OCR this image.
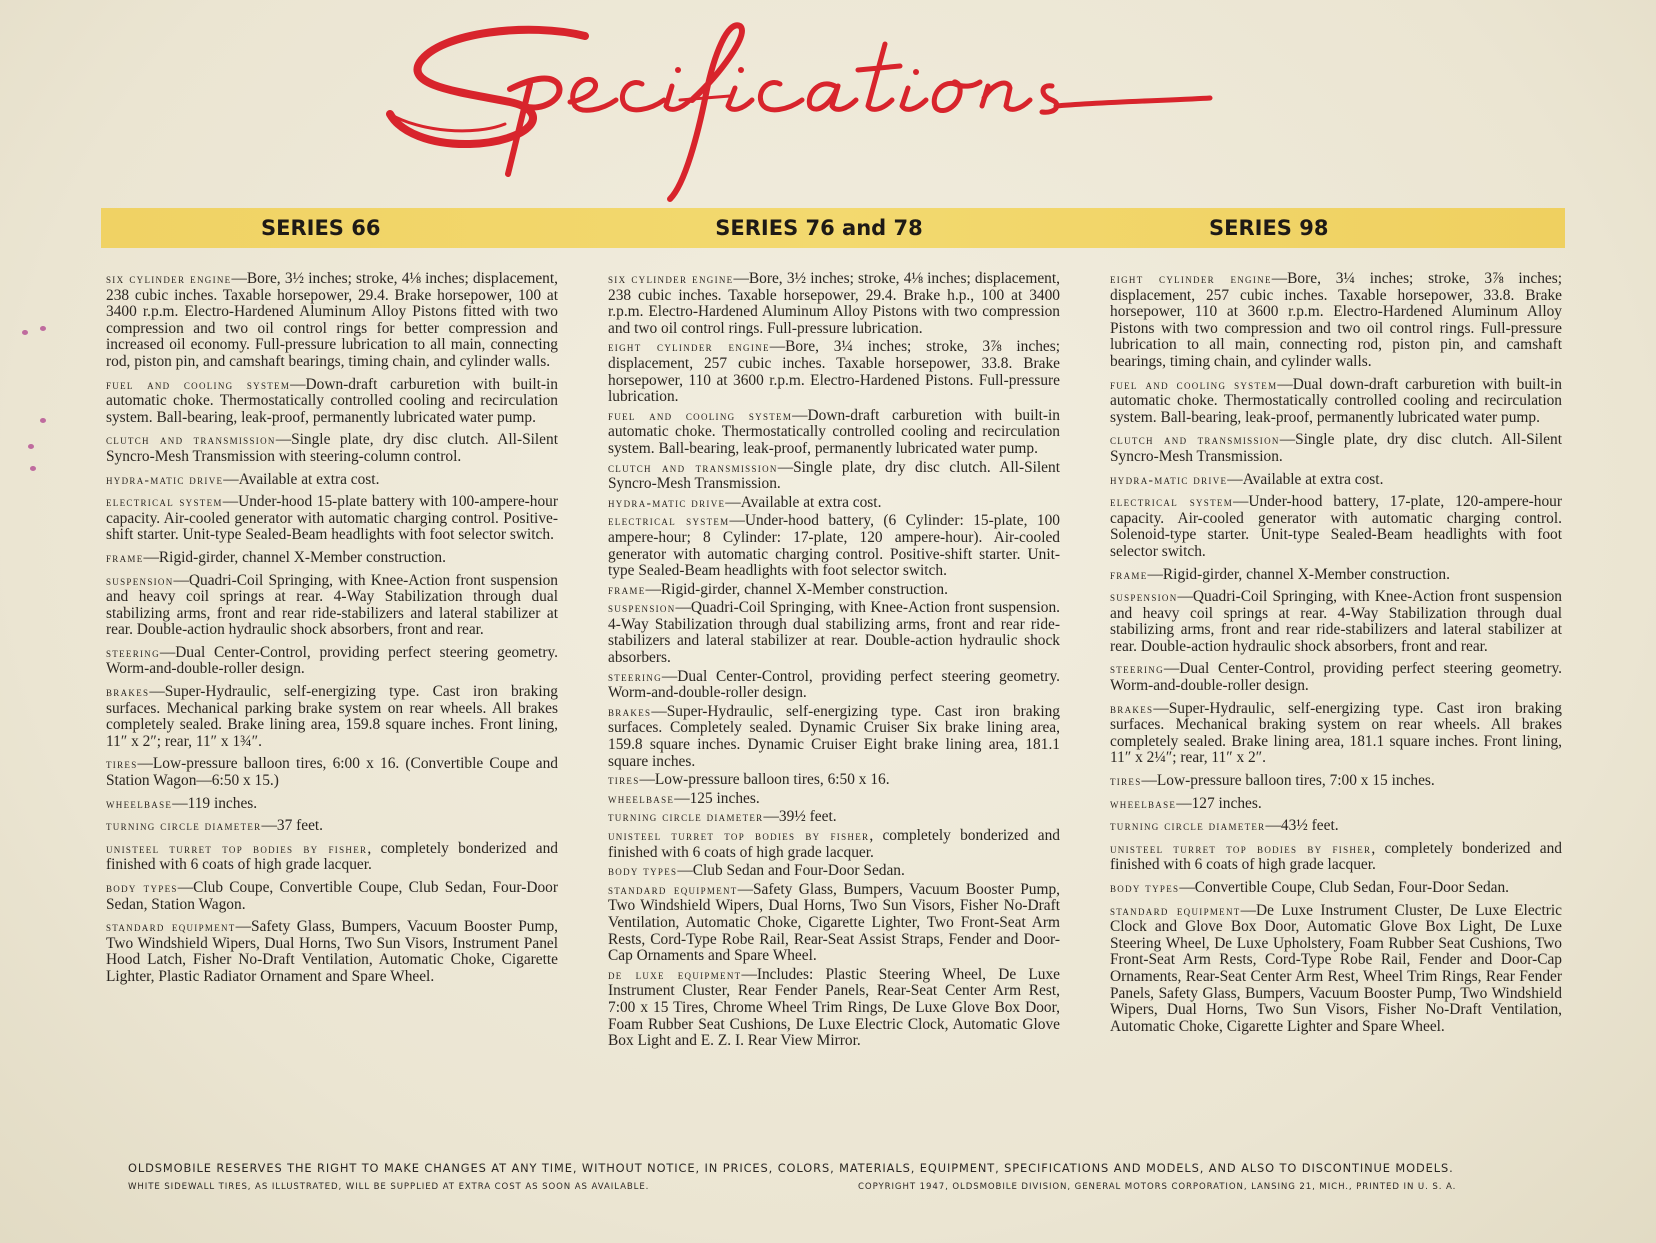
SERIES 66	SERIES 76 and 78	SERIES 98

six cylinder engine—Bore, 3½ inches; stroke, 4⅛ inches; displacement, 238 cubic inches. Taxable horsepower, 29.4. Brake horsepower, 100 at 3400 r.p.m. Electro-Hardened Aluminum Alloy Pistons fitted with two compression and two oil control rings for better compression and increased oil economy. Full-pressure lubrication to all main, connecting rod, piston pin, and camshaft bearings, timing chain, and cylinder walls.

fuel and cooling system—Down-draft carburetion with built-in automatic choke. Thermostatically controlled cooling and recirculation system. Ball-bearing, leak-proof, permanently lubricated water pump.

clutch and transmission—Single plate, dry disc clutch. All-Silent Syncro-Mesh Transmission with steering-column control.

hydra-matic drive—Available at extra cost.

electrical system—Under-hood 15-plate battery with 100-ampere-hour capacity. Air-cooled generator with automatic charging control. Positive-shift starter. Unit-type Sealed-Beam headlights with foot selector switch.

frame—Rigid-girder, channel X-Member construction.

suspension—Quadri-Coil Springing, with Knee-Action front suspension and heavy coil springs at rear. 4-Way Stabilization through dual stabilizing arms, front and rear ride-stabilizers and lateral stabilizer at rear. Double-action hydraulic shock absorbers, front and rear.

steering—Dual Center-Control, providing perfect steering geometry. Worm-and-double-roller design.

brakes—Super-Hydraulic, self-energizing type. Cast iron braking surfaces. Mechanical parking brake system on rear wheels. All brakes completely sealed. Brake lining area, 159.8 square inches. Front lining, 11″ x 2″; rear, 11″ x 1¾″.

tires—Low-pressure balloon tires, 6:00 x 16. (Convertible Coupe and Station Wagon—6:50 x 15.)

wheelbase—119 inches.

turning circle diameter—37 feet.

unisteel turret top bodies by fisher, completely bonderized and finished with 6 coats of high grade lacquer.

body types—Club Coupe, Convertible Coupe, Club Sedan, Four-Door Sedan, Station Wagon.

standard equipment—Safety Glass, Bumpers, Vacuum Booster Pump, Two Windshield Wipers, Dual Horns, Two Sun Visors, Instrument Panel Hood Latch, Fisher No-Draft Ventilation, Automatic Choke, Cigarette Lighter, Plastic Radiator Ornament and Spare Wheel.

six cylinder engine—Bore, 3½ inches; stroke, 4⅛ inches; displacement, 238 cubic inches. Taxable horsepower, 29.4. Brake h.p., 100 at 3400 r.p.m. Electro-Hardened Aluminum Alloy Pistons with two compression and two oil control rings. Full-pressure lubrication.

eight cylinder engine—Bore, 3¼ inches; stroke, 3⅞ inches; displacement, 257 cubic inches. Taxable horsepower, 33.8. Brake horsepower, 110 at 3600 r.p.m. Electro-Hardened Pistons. Full-pressure lubrication.

fuel and cooling system—Down-draft carburetion with built-in automatic choke. Thermostatically controlled cooling and recirculation system. Ball-bearing, leak-proof, permanently lubricated water pump.

clutch and transmission—Single plate, dry disc clutch. All-Silent Syncro-Mesh Transmission.

hydra-matic drive—Available at extra cost.

electrical system—Under-hood battery, (6 Cylinder: 15-plate, 100 ampere-hour; 8 Cylinder: 17-plate, 120 ampere-hour). Air-cooled generator with automatic charging control. Positive-shift starter. Unit-type Sealed-Beam headlights with foot selector switch.

frame—Rigid-girder, channel X-Member construction.

suspension—Quadri-Coil Springing, with Knee-Action front suspension. 4-Way Stabilization through dual stabilizing arms, front and rear ride-stabilizers and lateral stabilizer at rear. Double-action hydraulic shock absorbers.

steering—Dual Center-Control, providing perfect steering geometry. Worm-and-double-roller design.

brakes—Super-Hydraulic, self-energizing type. Cast iron braking surfaces. Completely sealed. Dynamic Cruiser Six brake lining area, 159.8 square inches. Dynamic Cruiser Eight brake lining area, 181.1 square inches.

tires—Low-pressure balloon tires, 6:50 x 16.

wheelbase—125 inches.

turning circle diameter—39½ feet.

unisteel turret top bodies by fisher, completely bonderized and finished with 6 coats of high grade lacquer.

body types—Club Sedan and Four-Door Sedan.

standard equipment—Safety Glass, Bumpers, Vacuum Booster Pump, Two Windshield Wipers, Dual Horns, Two Sun Visors, Fisher No-Draft Ventilation, Automatic Choke, Cigarette Lighter, Two Front-Seat Arm Rests, Cord-Type Robe Rail, Rear-Seat Assist Straps, Fender and Door-Cap Ornaments and Spare Wheel.

de luxe equipment—Includes: Plastic Steering Wheel, De Luxe Instrument Cluster, Rear Fender Panels, Rear-Seat Center Arm Rest, 7:00 x 15 Tires, Chrome Wheel Trim Rings, De Luxe Glove Box Door, Foam Rubber Seat Cushions, De Luxe Electric Clock, Automatic Glove Box Light and E. Z. I. Rear View Mirror.

eight cylinder engine—Bore, 3¼ inches; stroke, 3⅞ inches; displacement, 257 cubic inches. Taxable horsepower, 33.8. Brake horsepower, 110 at 3600 r.p.m. Electro-Hardened Aluminum Alloy Pistons with two compression and two oil control rings. Full-pressure lubrication to all main, connecting rod, piston pin, and camshaft bearings, timing chain, and cylinder walls.

fuel and cooling system—Dual down-draft carburetion with built-in automatic choke. Thermostatically controlled cooling and recirculation system. Ball-bearing, leak-proof, permanently lubricated water pump.

clutch and transmission—Single plate, dry disc clutch. All-Silent Syncro-Mesh Transmission.

hydra-matic drive—Available at extra cost.

electrical system—Under-hood battery, 17-plate, 120-ampere-hour capacity. Air-cooled generator with automatic charging control. Solenoid-type starter. Unit-type Sealed-Beam headlights with foot selector switch.

frame—Rigid-girder, channel X-Member construction.

suspension—Quadri-Coil Springing, with Knee-Action front suspension and heavy coil springs at rear. 4-Way Stabilization through dual stabilizing arms, front and rear ride-stabilizers and lateral stabilizer at rear. Double-action hydraulic shock absorbers, front and rear.

steering—Dual Center-Control, providing perfect steering geometry. Worm-and-double-roller design.

brakes—Super-Hydraulic, self-energizing type. Cast iron braking surfaces. Mechanical braking system on rear wheels. All brakes completely sealed. Brake lining area, 181.1 square inches. Front lining, 11″ x 2¼″; rear, 11″ x 2″.

tires—Low-pressure balloon tires, 7:00 x 15 inches.

wheelbase—127 inches.

turning circle diameter—43½ feet.

unisteel turret top bodies by fisher, completely bonderized and finished with 6 coats of high grade lacquer.

body types—Convertible Coupe, Club Sedan, Four-Door Sedan.

standard equipment—De Luxe Instrument Cluster, De Luxe Electric Clock and Glove Box Door, Automatic Glove Box Light, De Luxe Steering Wheel, De Luxe Upholstery, Foam Rubber Seat Cushions, Two Front-Seat Arm Rests, Cord-Type Robe Rail, Fender and Door-Cap Ornaments, Rear-Seat Center Arm Rest, Wheel Trim Rings, Rear Fender Panels, Safety Glass, Bumpers, Vacuum Booster Pump, Two Windshield Wipers, Dual Horns, Two Sun Visors, Fisher No-Draft Ventilation, Automatic Choke, Cigarette Lighter and Spare Wheel.

OLDSMOBILE RESERVES THE RIGHT TO MAKE CHANGES AT ANY TIME, WITHOUT NOTICE, IN PRICES, COLORS, MATERIALS, EQUIPMENT, SPECIFICATIONS AND MODELS, AND ALSO TO DISCONTINUE MODELS.
WHITE SIDEWALL TIRES, AS ILLUSTRATED, WILL BE SUPPLIED AT EXTRA COST AS SOON AS AVAILABLE.	COPYRIGHT 1947, OLDSMOBILE DIVISION, GENERAL MOTORS CORPORATION, LANSING 21, MICH., PRINTED IN U. S. A.
